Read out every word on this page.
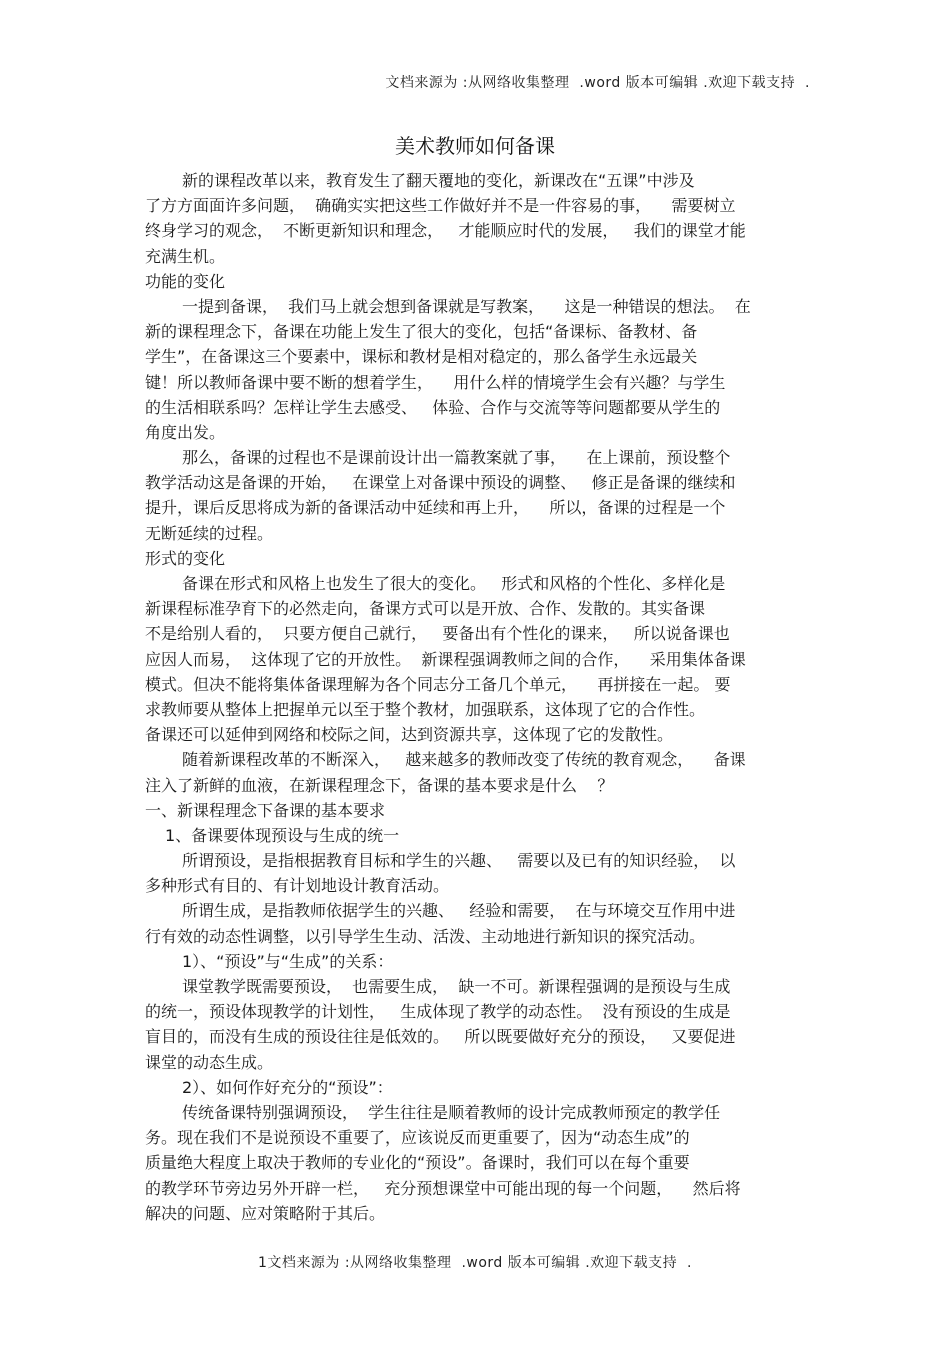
文档来源为 :从网络收集整理  .word 版本可编辑 .欢迎下载支持  .
美术教师如何备课
新的课程改革以来，教育发生了翻天覆地的变化，新课改在“五课”中涉及
了方方面面许多问题，  确确实实把这些工作做好并不是一件容易的事，    需要树立
终身学习的观念，  不断更新知识和理念，   才能顺应时代的发展，   我们的课堂才能
充满生机。
功能的变化
一提到备课，  我们马上就会想到备课就是写教案，    这是一种错误的想法。  在
新的课程理念下，备课在功能上发生了很大的变化，包括“备课标、备教材、备
学生”，在备课这三个要素中，课标和教材是相对稳定的，那么备学生永远最关
键！所以教师备课中要不断的想着学生，    用什么样的情境学生会有兴趣？与学生
的生活相联系吗？怎样让学生去感受、   体验、合作与交流等等问题都要从学生的
角度出发。
那么，备课的过程也不是课前设计出一篇教案就了事，    在上课前，预设整个
教学活动这是备课的开始，   在课堂上对备课中预设的调整、   修正是备课的继续和
提升，课后反思将成为新的备课活动中延续和再上升，    所以，备课的过程是一个
无断延续的过程。
形式的变化
备课在形式和风格上也发生了很大的变化。   形式和风格的个性化、多样化是
新课程标准孕育下的必然走向，备课方式可以是开放、合作、发散的。其实备课
不是给别人看的，  只要方便自己就行，   要备出有个性化的课来，   所以说备课也
应因人而易，  这体现了它的开放性。  新课程强调教师之间的合作，    采用集体备课
模式。但决不能将集体备课理解为各个同志分工备几个单元，    再拼接在一起。 要
求教师要从整体上把握单元以至于整个教材，加强联系，这体现了它的合作性。
备课还可以延伸到网络和校际之间，达到资源共享，这体现了它的发散性。
随着新课程改革的不断深入，   越来越多的教师改变了传统的教育观念，    备课
注入了新鲜的血液，在新课程理念下，备课的基本要求是什么    ？
一、新课程理念下备课的基本要求
1、备课要体现预设与生成的统一
所谓预设，是指根据教育目标和学生的兴趣、   需要以及已有的知识经验，  以
多种形式有目的、有计划地设计教育活动。
所谓生成，是指教师依据学生的兴趣、   经验和需要，  在与环境交互作用中进
行有效的动态性调整，以引导学生生动、活泼、主动地进行新知识的探究活动。
1）、“预设”与“生成”的关系：
课堂教学既需要预设，  也需要生成，  缺一不可。新课程强调的是预设与生成
的统一，预设体现教学的计划性，   生成体现了教学的动态性。  没有预设的生成是
盲目的，而没有生成的预设往往是低效的。   所以既要做好充分的预设，   又要促进
课堂的动态生成。
2）、如何作好充分的“预设”：
传统备课特别强调预设，  学生往往是顺着教师的设计完成教师预定的教学任
务。现在我们不是说预设不重要了，应该说反而更重要了，因为“动态生成”的
质量绝大程度上取决于教师的专业化的“预设”。备课时，我们可以在每个重要
的教学环节旁边另外开辟一栏，   充分预想课堂中可能出现的每一个问题，    然后将
解决的问题、应对策略附于其后。
1文档来源为 :从网络收集整理  .word 版本可编辑 .欢迎下载支持  .
